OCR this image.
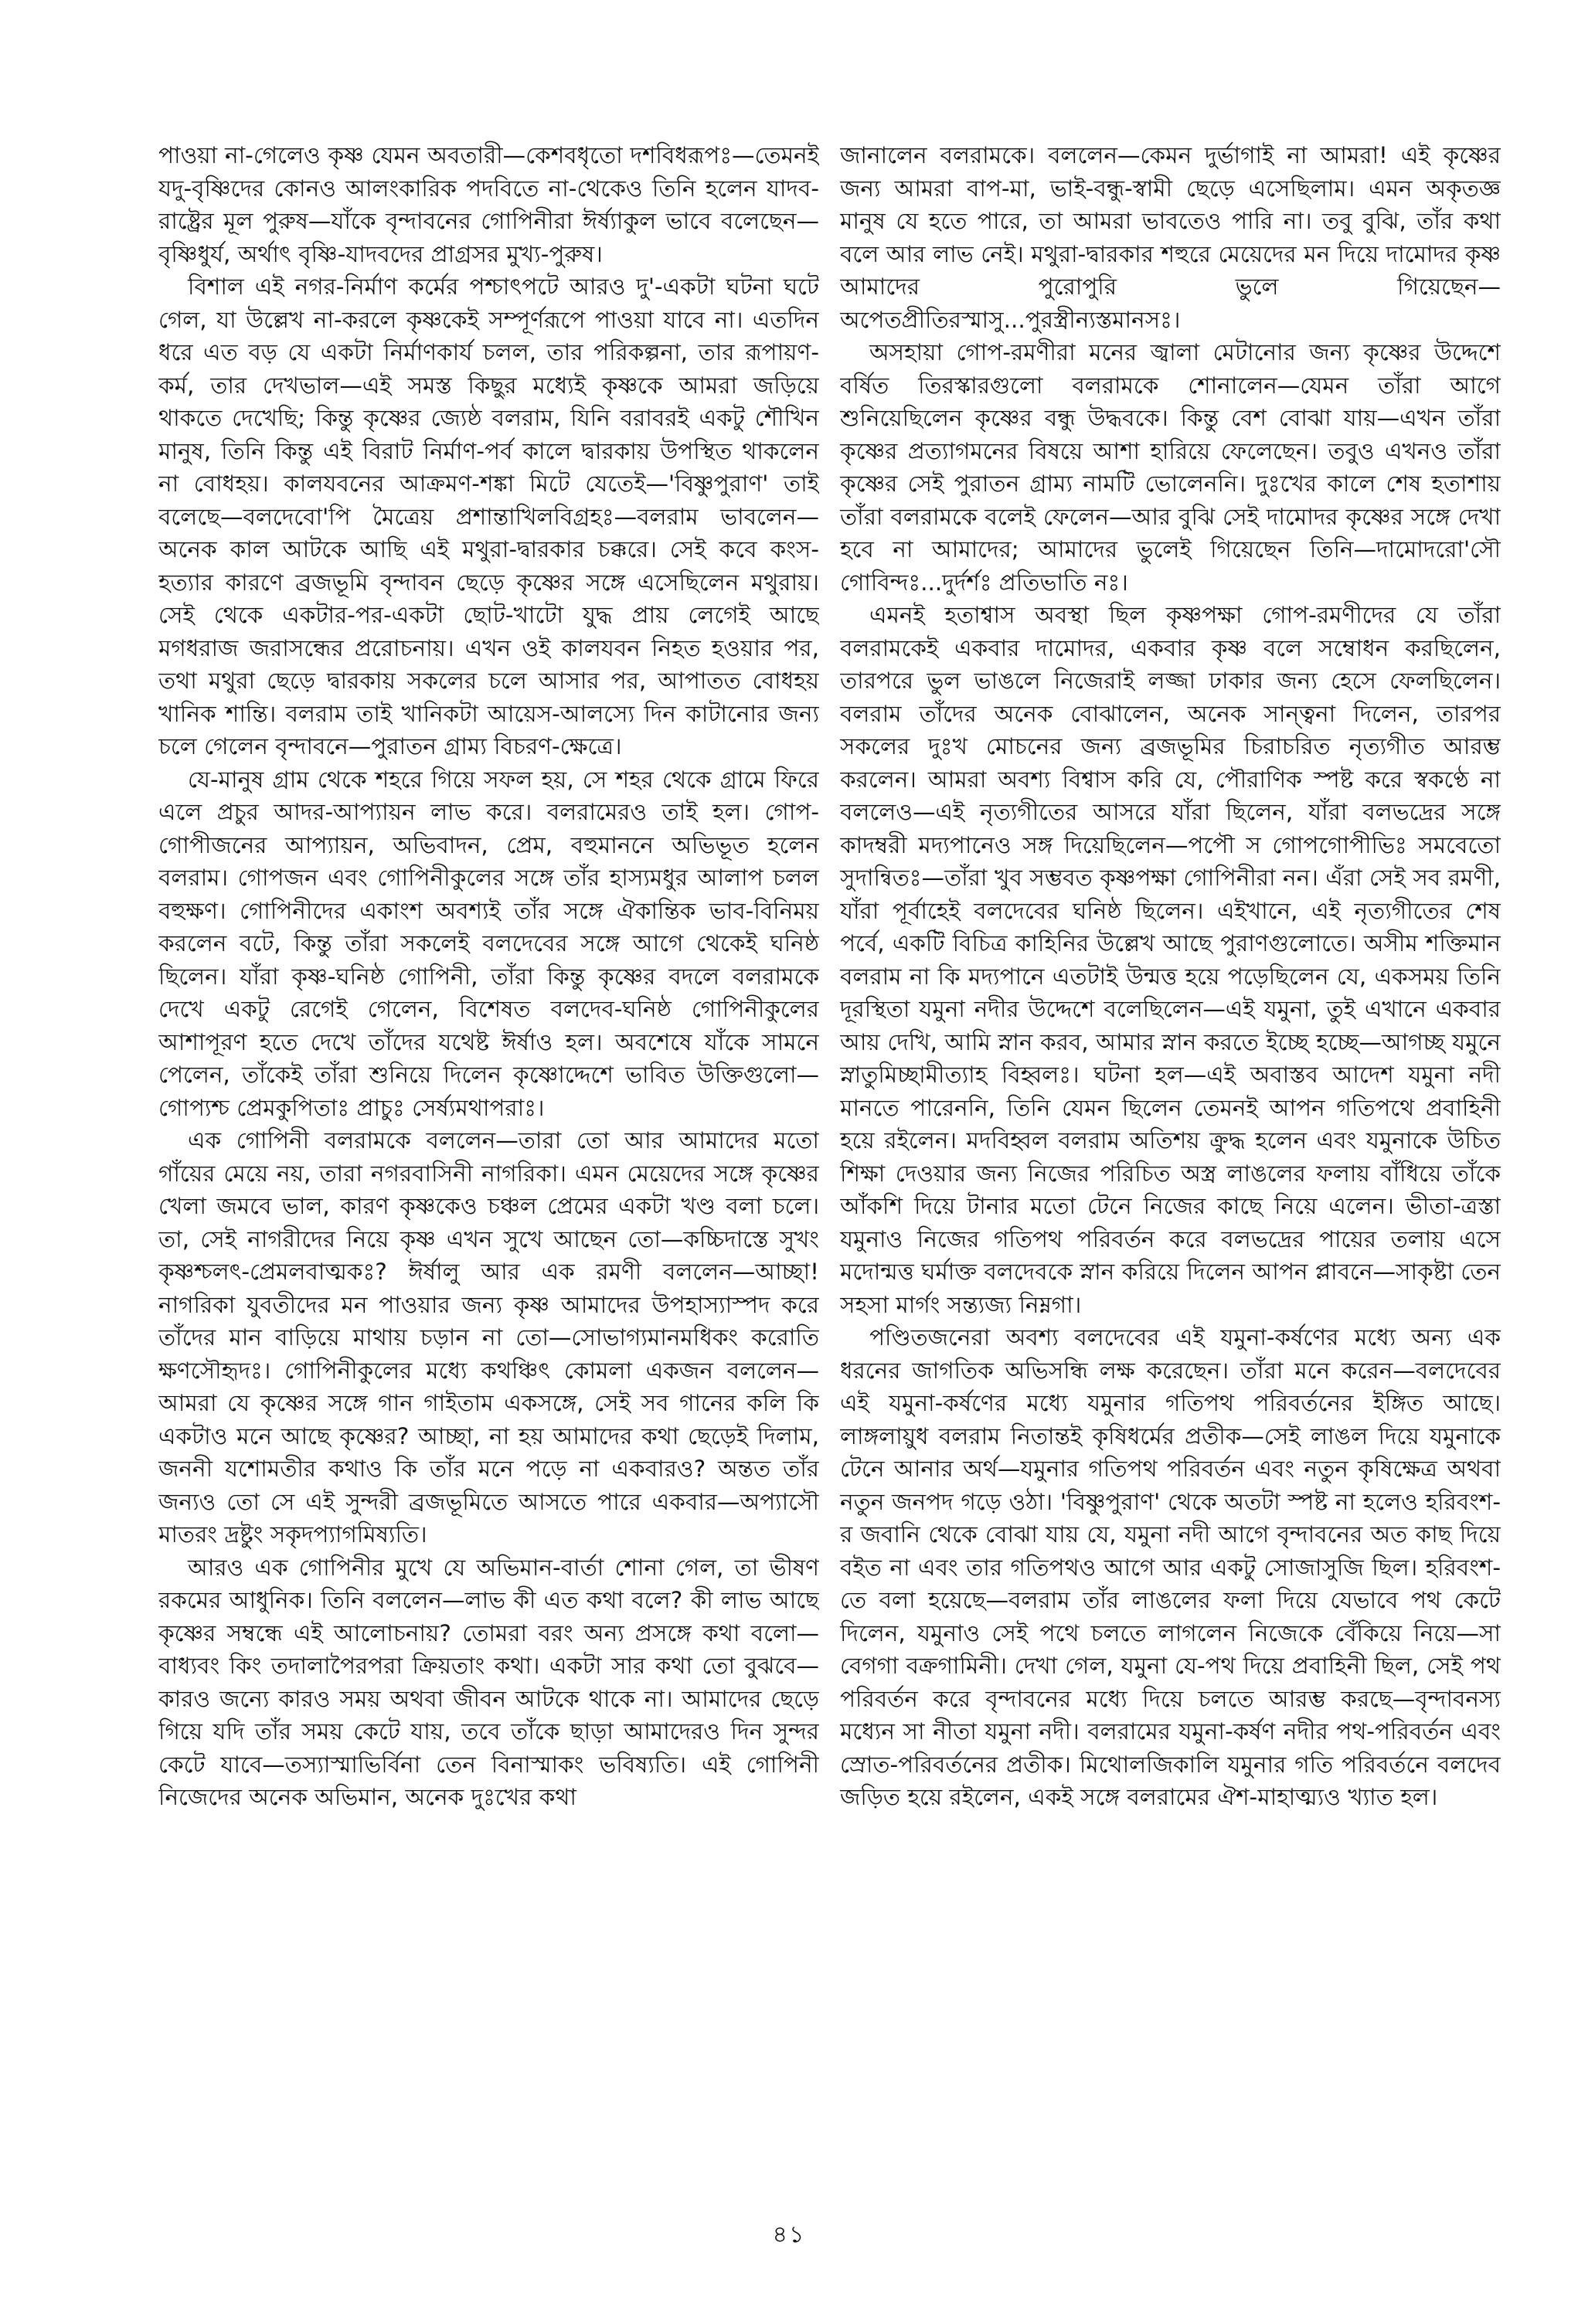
পাওয়া না-গেলেও কৃষ্ণ যেমন অবতারী—কেশবধৃতো দশবিধরূপঃ—তেমনই যদু-বৃষ্ণিদের কোনও আলংকারিক পদবিতে না-থেকেও তিনি হলেন যাদব-রাষ্ট্রের মূল পুরুষ—যাঁকে বৃন্দাবনের গোপিনীরা ঈর্ষ্যাকুল ভাবে বলেছেন—বৃষ্ণিধুর্য, অর্থাৎ বৃষ্ণি-যাদবদের প্রাগ্রসর মুখ্য-পুরুষ।

বিশাল এই নগর-নির্মাণ কর্মের পশ্চাৎপটে আরও দু'-একটা ঘটনা ঘটে গেল, যা উল্লেখ না-করলে কৃষ্ণকেই সম্পূর্ণরূপে পাওয়া যাবে না। এতদিন ধরে এত বড় যে একটা নির্মাণকার্য চলল, তার পরিকল্পনা, তার রূপায়ণ-কর্ম, তার দেখভাল—এই সমস্ত কিছুর মধ্যেই কৃষ্ণকে আমরা জড়িয়ে থাকতে দেখেছি; কিন্তু কৃষ্ণের জ্যেষ্ঠ বলরাম, যিনি বরাবরই একটু শৌখিন মানুষ, তিনি কিন্তু এই বিরাট নির্মাণ-পর্ব কালে দ্বারকায় উপস্থিত থাকলেন না বোধহয়। কালযবনের আক্রমণ-শঙ্কা মিটে যেতেই—'বিষ্ণুপুরাণ' তাই বলেছে—বলদেবো'পি মৈত্রেয় প্রশান্তাখিলবিগ্রহঃ—বলরাম ভাবলেন—অনেক কাল আটকে আছি এই মথুরা-দ্বারকার চক্করে। সেই কবে কংস-হত্যার কারণে ব্রজভূমি বৃন্দাবন ছেড়ে কৃষ্ণের সঙ্গে এসেছিলেন মথুরায়। সেই থেকে একটার-পর-একটা ছোট-খাটো যুদ্ধ প্রায় লেগেই আছে মগধরাজ জরাসন্ধের প্ররোচনায়। এখন ওই কালযবন নিহত হওয়ার পর, তথা মথুরা ছেড়ে দ্বারকায় সকলের চলে আসার পর, আপাতত বোধহয় খানিক শান্তি। বলরাম তাই খানিকটা আয়েস-আলস্যে দিন কাটানোর জন্য চলে গেলেন বৃন্দাবনে—পুরাতন গ্রাম্য বিচরণ-ক্ষেত্রে।

যে-মানুষ গ্রাম থেকে শহরে গিয়ে সফল হয়, সে শহর থেকে গ্রামে ফিরে এলে প্রচুর আদর-আপ্যায়ন লাভ করে। বলরামেরও তাই হল। গোপ-গোপীজনের আপ্যায়ন, অভিবাদন, প্রেম, বহুমাননে অভিভূত হলেন বলরাম। গোপজন এবং গোপিনীকুলের সঙ্গে তাঁর হাস্যমধুর আলাপ চলল বহুক্ষণ। গোপিনীদের একাংশ অবশ্যই তাঁর সঙ্গে ঐকান্তিক ভাব-বিনিময় করলেন বটে, কিন্তু তাঁরা সকলেই বলদেবের সঙ্গে আগে থেকেই ঘনিষ্ঠ ছিলেন। যাঁরা কৃষ্ণ-ঘনিষ্ঠ গোপিনী, তাঁরা কিন্তু কৃষ্ণের বদলে বলরামকে দেখে একটু রেগেই গেলেন, বিশেষত বলদেব-ঘনিষ্ঠ গোপিনীকুলের আশাপূরণ হতে দেখে তাঁদের যথেষ্ট ঈর্ষাও হল। অবশেষে যাঁকে সামনে পেলেন, তাঁকেই তাঁরা শুনিয়ে দিলেন কৃষ্ণোদ্দেশে ভাবিত উক্তিগুলো—গোপ্যশ্চ প্রেমকুপিতাঃ প্রাচুঃ সের্ষ্যমথাপরাঃ।

এক গোপিনী বলরামকে বললেন—তারা তো আর আমাদের মতো গাঁয়ের মেয়ে নয়, তারা নগরবাসিনী নাগরিকা। এমন মেয়েদের সঙ্গে কৃষ্ণের খেলা জমবে ভাল, কারণ কৃষ্ণকেও চঞ্চল প্রেমের একটা খণ্ড বলা চলে। তা, সেই নাগরীদের নিয়ে কৃষ্ণ এখন সুখে আছেন তো—কচ্চিদাস্তে সুখং কৃষ্ণশ্চলৎ-প্রেমলবাত্মকঃ? ঈর্ষালু আর এক রমণী বললেন—আচ্ছা! নাগরিকা যুবতীদের মন পাওয়ার জন্য কৃষ্ণ আমাদের উপহাস্যাস্পদ করে তাঁদের মান বাড়িয়ে মাথায় চড়ান না তো—সোভাগ্যমানমধিকং করোতি ক্ষণসৌহৃদঃ। গোপিনীকুলের মধ্যে কথঞ্চিৎ কোমলা একজন বললেন—আমরা যে কৃষ্ণের সঙ্গে গান গাইতাম একসঙ্গে, সেই সব গানের কলি কি একটাও মনে আছে কৃষ্ণের? আচ্ছা, না হয় আমাদের কথা ছেড়েই দিলাম, জননী যশোমতীর কথাও কি তাঁর মনে পড়ে না একবারও? অন্তত তাঁর জন্যও তো সে এই সুন্দরী ব্রজভূমিতে আসতে পারে একবার—অপ্যাসৌ মাতরং দ্রষ্টুং সকৃদপ্যাগমিষ্যতি।

আরও এক গোপিনীর মুখে যে অভিমান-বার্তা শোনা গেল, তা ভীষণ রকমের আধুনিক। তিনি বললেন—লাভ কী এত কথা বলে? কী লাভ আছে কৃষ্ণের সম্বন্ধে এই আলোচনায়? তোমরা বরং অন্য প্রসঙ্গে কথা বলো—বাধ্যবং কিং তদালাপৈরপরা ক্রিয়তাং কথা। একটা সার কথা তো বুঝবে—কারও জন্যে কারও সময় অথবা জীবন আটকে থাকে না। আমাদের ছেড়ে গিয়ে যদি তাঁর সময় কেটে যায়, তবে তাঁকে ছাড়া আমাদেরও দিন সুন্দর কেটে যাবে—তস্যাস্মাভির্বিনা তেন বিনাস্মাকং ভবিষ্যতি। এই গোপিনী নিজেদের অনেক অভিমান, অনেক দুঃখের কথা

জানালেন বলরামকে। বললেন—কেমন দুর্ভাগাই না আমরা! এই কৃষ্ণের জন্য আমরা বাপ-মা, ভাই-বন্ধু-স্বামী ছেড়ে এসেছিলাম। এমন অকৃতজ্ঞ মানুষ যে হতে পারে, তা আমরা ভাবতেও পারি না। তবু বুঝি, তাঁর কথা বলে আর লাভ নেই। মথুরা-দ্বারকার শহুরে মেয়েদের মন দিয়ে দামোদর কৃষ্ণ আমাদের পুরোপুরি ভুলে গিয়েছেন—অপেতপ্রীতিরস্মাসু...পুরস্ত্রীন্যস্তমানসঃ।

অসহায়া গোপ-রমণীরা মনের জ্বালা মেটানোর জন্য কৃষ্ণের উদ্দেশে বর্ষিত তিরস্কারগুলো বলরামকে শোনালেন—যেমন তাঁরা আগে শুনিয়েছিলেন কৃষ্ণের বন্ধু উদ্ধবকে। কিন্তু বেশ বোঝা যায়—এখন তাঁরা কৃষ্ণের প্রত্যাগমনের বিষয়ে আশা হারিয়ে ফেলেছেন। তবুও এখনও তাঁরা কৃষ্ণের সেই পুরাতন গ্রাম্য নামটি ভোলেননি। দুঃখের কালে শেষ হতাশায় তাঁরা বলরামকে বলেই ফেলেন—আর বুঝি সেই দামোদর কৃষ্ণের সঙ্গে দেখা হবে না আমাদের; আমাদের ভুলেই গিয়েছেন তিনি—দামোদরো'সৌ গোবিন্দঃ...দুর্দর্শঃ প্রতিভাতি নঃ।

এমনই হতাশ্বাস অবস্থা ছিল কৃষ্ণপক্ষা গোপ-রমণীদের যে তাঁরা বলরামকেই একবার দামোদর, একবার কৃষ্ণ বলে সম্বোধন করছিলেন, তারপরে ভুল ভাঙলে নিজেরাই লজ্জা ঢাকার জন্য হেসে ফেলছিলেন। বলরাম তাঁদের অনেক বোঝালেন, অনেক সান্ত্বনা দিলেন, তারপর সকলের দুঃখ মোচনের জন্য ব্রজভূমির চিরাচরিত নৃত্যগীত আরম্ভ করলেন। আমরা অবশ্য বিশ্বাস করি যে, পৌরাণিক স্পষ্ট করে স্বকণ্ঠে না বললেও—এই নৃত্যগীতের আসরে যাঁরা ছিলেন, যাঁরা বলভদ্রের সঙ্গে কাদম্বরী মদ্যপানেও সঙ্গ দিয়েছিলেন—পপৌ স গোপগোপীভিঃ সমবেতো সুদান্বিতঃ—তাঁরা খুব সম্ভবত কৃষ্ণপক্ষা গোপিনীরা নন। এঁরা সেই সব রমণী, যাঁরা পূর্বাহেই বলদেবের ঘনিষ্ঠ ছিলেন। এইখানে, এই নৃত্যগীতের শেষ পর্বে, একটি বিচিত্র কাহিনির উল্লেখ আছে পুরাণগুলোতে। অসীম শক্তিমান বলরাম না কি মদ্যপানে এতটাই উন্মত্ত হয়ে পড়েছিলেন যে, একসময় তিনি দূরস্থিতা যমুনা নদীর উদ্দেশে বলেছিলেন—এই যমুনা, তুই এখানে একবার আয় দেখি, আমি স্নান করব, আমার স্নান করতে ইচ্ছে হচ্ছে—আগচ্ছ যমুনে স্নাতুমিচ্ছামীত্যাহ বিহ্বলঃ। ঘটনা হল—এই অবাস্তব আদেশ যমুনা নদী মানতে পারেননি, তিনি যেমন ছিলেন তেমনই আপন গতিপথে প্রবাহিনী হয়ে রইলেন। মদবিহ্বল বলরাম অতিশয় ক্রুদ্ধ হলেন এবং যমুনাকে উচিত শিক্ষা দেওয়ার জন্য নিজের পরিচিত অস্ত্র লাঙলের ফলায় বাঁধিয়ে তাঁকে আঁকশি দিয়ে টানার মতো টেনে নিজের কাছে নিয়ে এলেন। ভীতা-ত্রস্তা যমুনাও নিজের গতিপথ পরিবর্তন করে বলভদ্রের পায়ের তলায় এসে মদোন্মত্ত ঘর্মাক্ত বলদেবকে স্নান করিয়ে দিলেন আপন প্লাবনে—সাকৃষ্টা তেন সহসা মার্গং সন্ত্যজ্য নিম্নগা।

পণ্ডিতজনেরা অবশ্য বলদেবের এই যমুনা-কর্ষণের মধ্যে অন্য এক ধরনের জাগতিক অভিসন্ধি লক্ষ করেছেন। তাঁরা মনে করেন—বলদেবের এই যমুনা-কর্ষণের মধ্যে যমুনার গতিপথ পরিবর্তনের ইঙ্গিত আছে। লাঙ্গলায়ুধ বলরাম নিতান্তই কৃষিধর্মের প্রতীক—সেই লাঙল দিয়ে যমুনাকে টেনে আনার অর্থ—যমুনার গতিপথ পরিবর্তন এবং নতুন কৃষিক্ষেত্র অথবা নতুন জনপদ গড়ে ওঠা। 'বিষ্ণুপুরাণ' থেকে অতটা স্পষ্ট না হলেও হরিবংশ-র জবানি থেকে বোঝা যায় যে, যমুনা নদী আগে বৃন্দাবনের অত কাছ দিয়ে বইত না এবং তার গতিপথও আগে আর একটু সোজাসুজি ছিল। হরিবংশ-তে বলা হয়েছে—বলরাম তাঁর লাঙলের ফলা দিয়ে যেভাবে পথ কেটে দিলেন, যমুনাও সেই পথে চলতে লাগলেন নিজেকে বেঁকিয়ে নিয়ে—সা বেগগা বক্রগামিনী। দেখা গেল, যমুনা যে-পথ দিয়ে প্রবাহিনী ছিল, সেই পথ পরিবর্তন করে বৃন্দাবনের মধ্যে দিয়ে চলতে আরম্ভ করছে—বৃন্দাবনস্য মধ্যেন সা নীতা যমুনা নদী। বলরামের যমুনা-কর্ষণ নদীর পথ-পরিবর্তন এবং স্রোত-পরিবর্তনের প্রতীক। মিথোলজিকালি যমুনার গতি পরিবর্তনে বলদেব জড়িত হয়ে রইলেন, একই সঙ্গে বলরামের ঐশ-মাহাত্ম্যও খ্যাত হল।

৪১
